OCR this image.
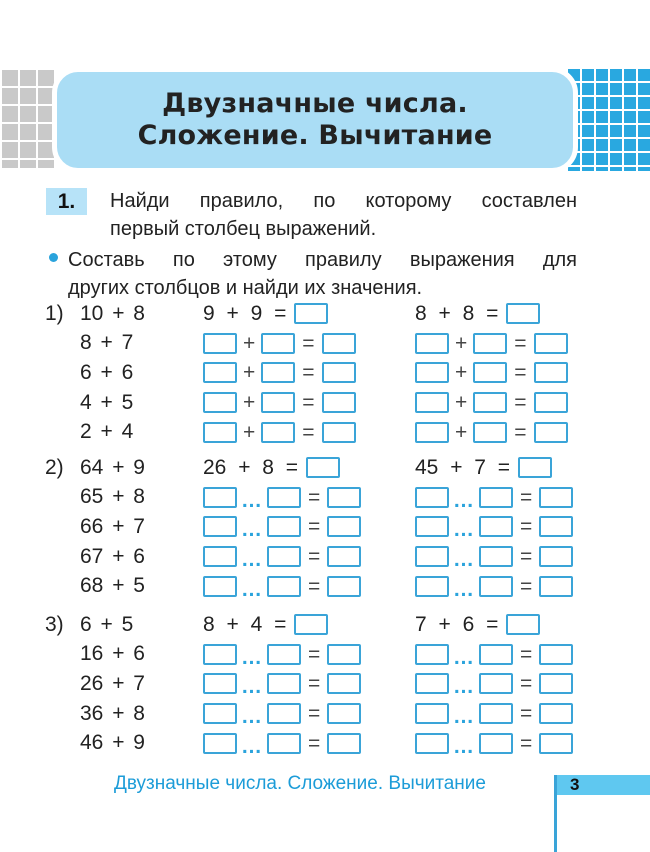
Двузначные числа.
Сложение. Вычитание
1.	Найди правило, по которому составлен
первый столбец выражений.
Составь по этому правилу выражения для
других столбцов и найди их значения.
1) 10 + 8
8 + 7
6 + 6
4 + 5
2 + 4
9 + 9 =
+ =
+ =
+ =
+ =
8 + 8 =
+ =
+ =
+ =
+ =
2) 64 + 9
65 + 8
66 + 7
67 + 6
68 + 5
26 + 8 =
… =
… =
… =
… =
45 + 7 =
… =
… =
… =
… =
3) 6 + 5
16 + 6
26 + 7
36 + 8
46 + 9
8 + 4 =
… =
… =
… =
… =
7 + 6 =
… =
… =
… =
… =
Двузначные числа. Сложение. Вычитание	3
